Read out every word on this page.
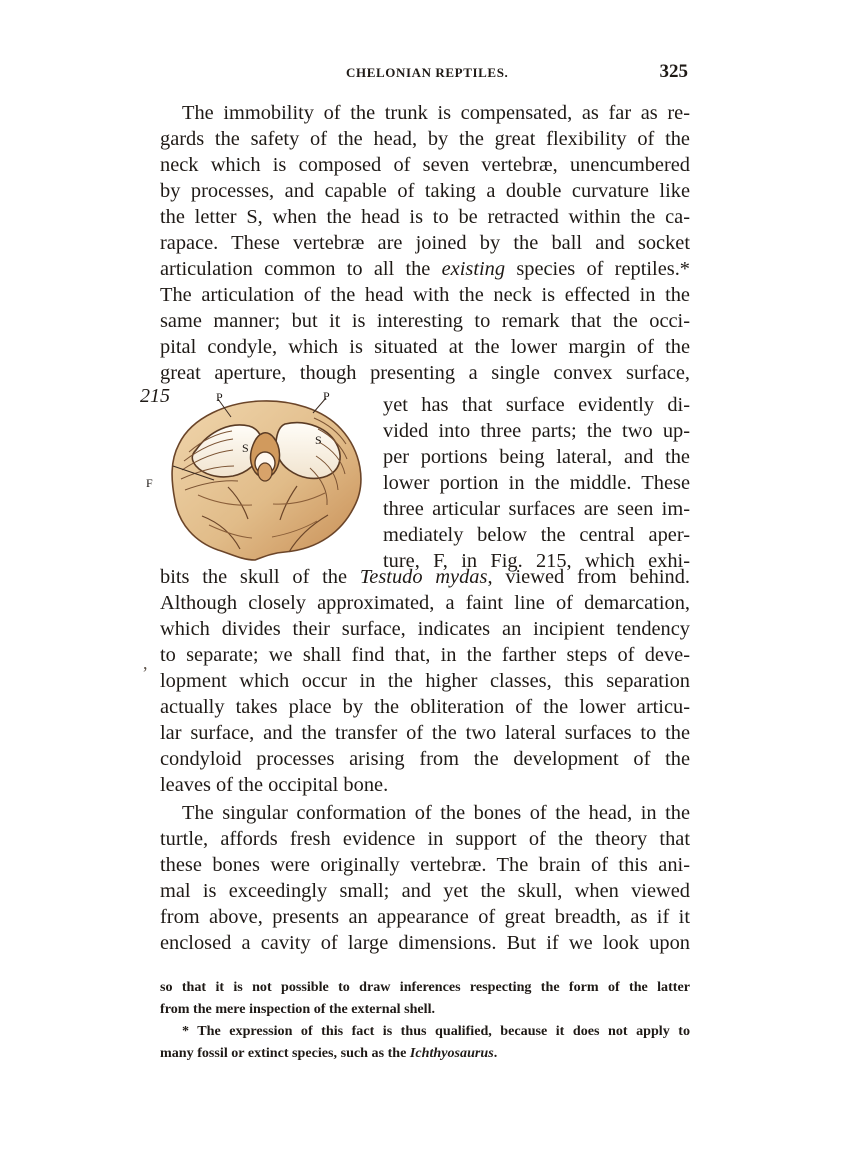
CHELONIAN REPTILES.	325
The immobility of the trunk is compensated, as far as re-
gards the safety of the head, by the great flexibility of the
neck which is composed of seven vertebræ, unencumbered
by processes, and capable of taking a double curvature like
the letter S, when the head is to be retracted within the ca-
rapace. These vertebræ are joined by the ball and socket
articulation common to all the existing species of reptiles.*
The articulation of the head with the neck is effected in the
same manner; but it is interesting to remark that the occi-
pital condyle, which is situated at the lower margin of the
great aperture, though presenting a single convex surface,
215	P	P
S
S
F
yet has that surface evidently di-
vided into three parts; the two up-
per portions being lateral, and the
lower portion in the middle. These
three articular surfaces are seen im-
mediately below the central aper-
ture, F, in Fig. 215, which exhi-
bits the skull of the Testudo mydas, viewed from behind.
Although closely approximated, a faint line of demarcation,
which divides their surface, indicates an incipient tendency
to separate; we shall find that, in the farther steps of deve-
lopment which occur in the higher classes, this separation
actually takes place by the obliteration of the lower articu-
lar surface, and the transfer of the two lateral surfaces to the
condyloid processes arising from the development of the
leaves of the occipital bone.
,
The singular conformation of the bones of the head, in the
turtle, affords fresh evidence in support of the theory that
these bones were originally vertebræ. The brain of this ani-
mal is exceedingly small; and yet the skull, when viewed
from above, presents an appearance of great breadth, as if it
enclosed a cavity of large dimensions. But if we look upon
so that it is not possible to draw inferences respecting the form of the latter
from the mere inspection of the external shell.
* The expression of this fact is thus qualified, because it does not apply to
many fossil or extinct species, such as the Ichthyosaurus.
